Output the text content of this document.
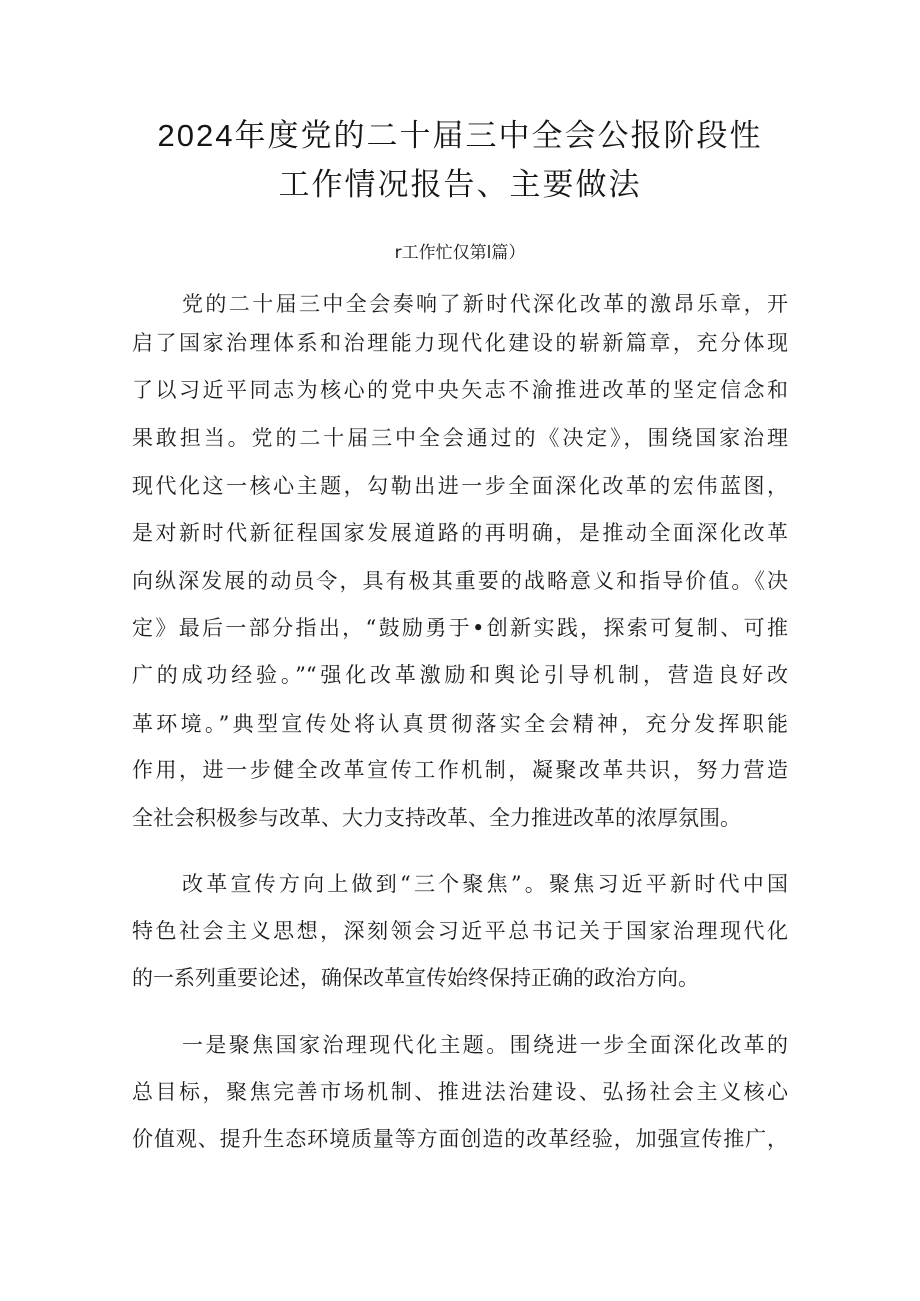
2024年度党的二十届三中全会公报阶段性
工作情况报告、主要做法
r工作忙仅第l篇）
党的二十届三中全会奏响了新时代深化改革的激昂乐章，开
启了国家治理体系和治理能力现代化建设的崭新篇章，充分体现
了以习近平同志为核心的党中央矢志不渝推进改革的坚定信念和
果敢担当。党的二十届三中全会通过的《决定》，围绕国家治理
现代化这一核心主题，勾勒出进一步全面深化改革的宏伟蓝图，
是对新时代新征程国家发展道路的再明确，是推动全面深化改革
向纵深发展的动员令，具有极其重要的战略意义和指导价值。《决
定》最后一部分指出，“鼓励勇于•创新实践，探索可复制、可推
广的成功经验。”“强化改革激励和舆论引导机制，营造良好改
革环境。”典型宣传处将认真贯彻落实全会精神，充分发挥职能
作用，进一步健全改革宣传工作机制，凝聚改革共识，努力营造
全社会积极参与改革、大力支持改革、全力推进改革的浓厚氛围。
改革宣传方向上做到“三个聚焦”。聚焦习近平新时代中国
特色社会主义思想，深刻领会习近平总书记关于国家治理现代化
的一系列重要论述，确保改革宣传始终保持正确的政治方向。
一是聚焦国家治理现代化主题。围绕进一步全面深化改革的
总目标，聚焦完善市场机制、推进法治建设、弘扬社会主义核心
价值观、提升生态环境质量等方面创造的改革经验，加强宣传推广，
